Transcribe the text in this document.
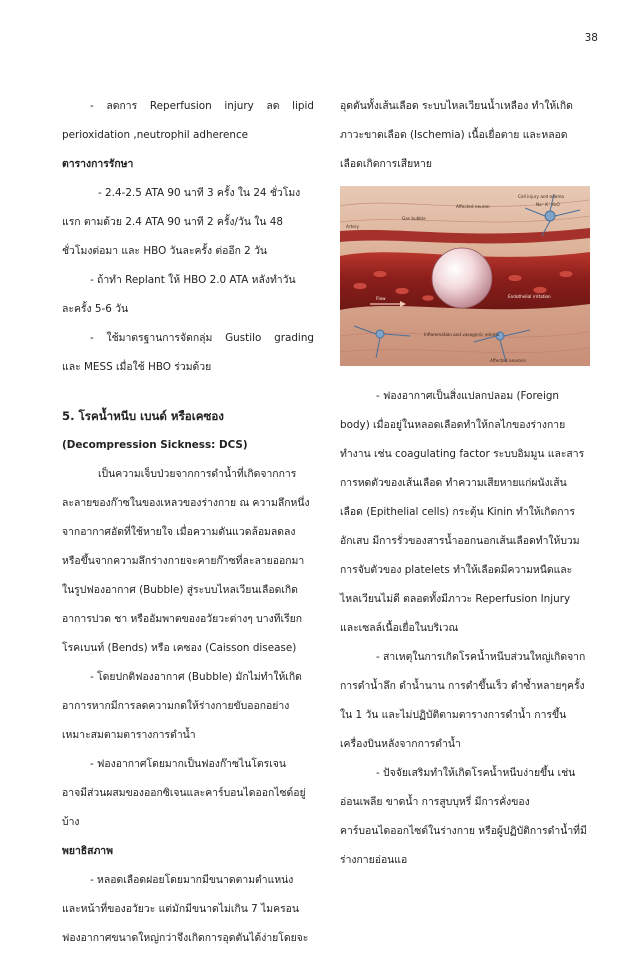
38

- ลดการ Reperfusion injury ลด lipid

perioxidation ,neutrophil adherence

ตารางการรักษา

- 2.4-2.5 ATA 90 นาที 3 ครั้ง ใน 24 ชั่วโมง

แรก ตามด้วย 2.4 ATA 90 นาที 2 ครั้ง/วัน ใน 48

ชั่วโมงต่อมา และ HBO วันละครั้ง ต่ออีก 2 วัน

- ถ้าทำ Replant ให้ HBO 2.0 ATA หลังทำวัน

ละครั้ง 5-6 วัน

- ใช้มาตรฐานการจัดกลุ่ม Gustilo grading

และ MESS เมื่อใช้ HBO ร่วมด้วย

5. โรคน้ำหนีบ เบนด์ หรือเคซอง

(Decompression Sickness: DCS)

เป็นความเจ็บป่วยจากการดำน้ำที่เกิดจากการ

ละลายของก๊าซในของเหลวของร่างกาย ณ ความลึกหนึ่ง

จากอากาศอัดที่ใช้หายใจ เมื่อความดันแวดล้อมลดลง

หรือขึ้นจากความลึกร่างกายจะคายก๊าซที่ละลายออกมา

ในรูปฟองอากาศ (Bubble) สู่ระบบไหลเวียนเลือดเกิด

อาการปวด ชา หรืออัมพาตของอวัยวะต่างๆ บางทีเรียก

โรคเบนท์ (Bends) หรือ เคซอง (Caisson disease)

- โดยปกติฟองอากาศ (Bubble) มักไม่ทำให้เกิด

อาการหากมีการลดความกดให้ร่างกายขับออกอย่าง

เหมาะสมตามตารางการดำน้ำ

- ฟองอากาศโดยมากเป็นฟองก๊าซไนโตรเจน

อาจมีส่วนผสมของออกซิเจนและคาร์บอนไดออกไซด์อยู่

บ้าง

พยาธิสภาพ

- หลอดเลือดฝอยโดยมากมีขนาดตามตำแหน่ง

และหน้าที่ของอวัยวะ แต่มักมีขนาดไม่เกิน 7 ไมครอน

ฟองอากาศขนาดใหญ่กว่าจึงเกิดการอุดตันได้ง่ายโดยจะ

อุดตันทั้งเส้นเลือด ระบบไหลเวียนน้ำเหลือง ทำให้เกิด

ภาวะขาดเลือด (Ischemia) เนื้อเยื่อตาย และหลอด

เลือดเกิดการเสียหาย

Cell injury and edema
Na⁺ K⁺ H₂O
Affected neuron
Gas bubble
Artery
Flow	Endothelial irritation
Inflammation and vasogenic edema
Affected neurons

- ฟองอากาศเป็นสิ่งแปลกปลอม (Foreign

body) เมื่ออยู่ในหลอดเลือดทำให้กลไกของร่างกาย

ทำงาน เช่น coagulating factor ระบบอิมมูน และสาร

การหดตัวของเส้นเลือด ทำความเสียหายแก่ผนังเส้น

เลือด (Epithelial cells) กระตุ้น Kinin ทำให้เกิดการ

อักเสบ มีการรั่วของสารน้ำออกนอกเส้นเลือดทำให้บวม

การจับตัวของ platelets ทำให้เลือดมีความหนืดและ

ไหลเวียนไม่ดี ตลอดทั้งมีภาวะ Reperfusion Injury

และเซลล์เนื้อเยื่อในบริเวณ

- สาเหตุในการเกิดโรคน้ำหนีบส่วนใหญ่เกิดจาก

การดำน้ำลึก ดำน้ำนาน การดำขึ้นเร็ว ดำซ้ำหลายๆครั้ง

ใน 1 วัน และไม่ปฏิบัติตามตารางการดำน้ำ การขึ้น

เครื่องบินหลังจากการดำน้ำ

- ปัจจัยเสริมทำให้เกิดโรคน้ำหนีบง่ายขึ้น เช่น

อ่อนเพลีย ขาดน้ำ การสูบบุหรี่ มีการคั่งของ

คาร์บอนไดออกไซด์ในร่างกาย หรือผู้ปฏิบัติการดำน้ำที่มี

ร่างกายอ่อนแอ
